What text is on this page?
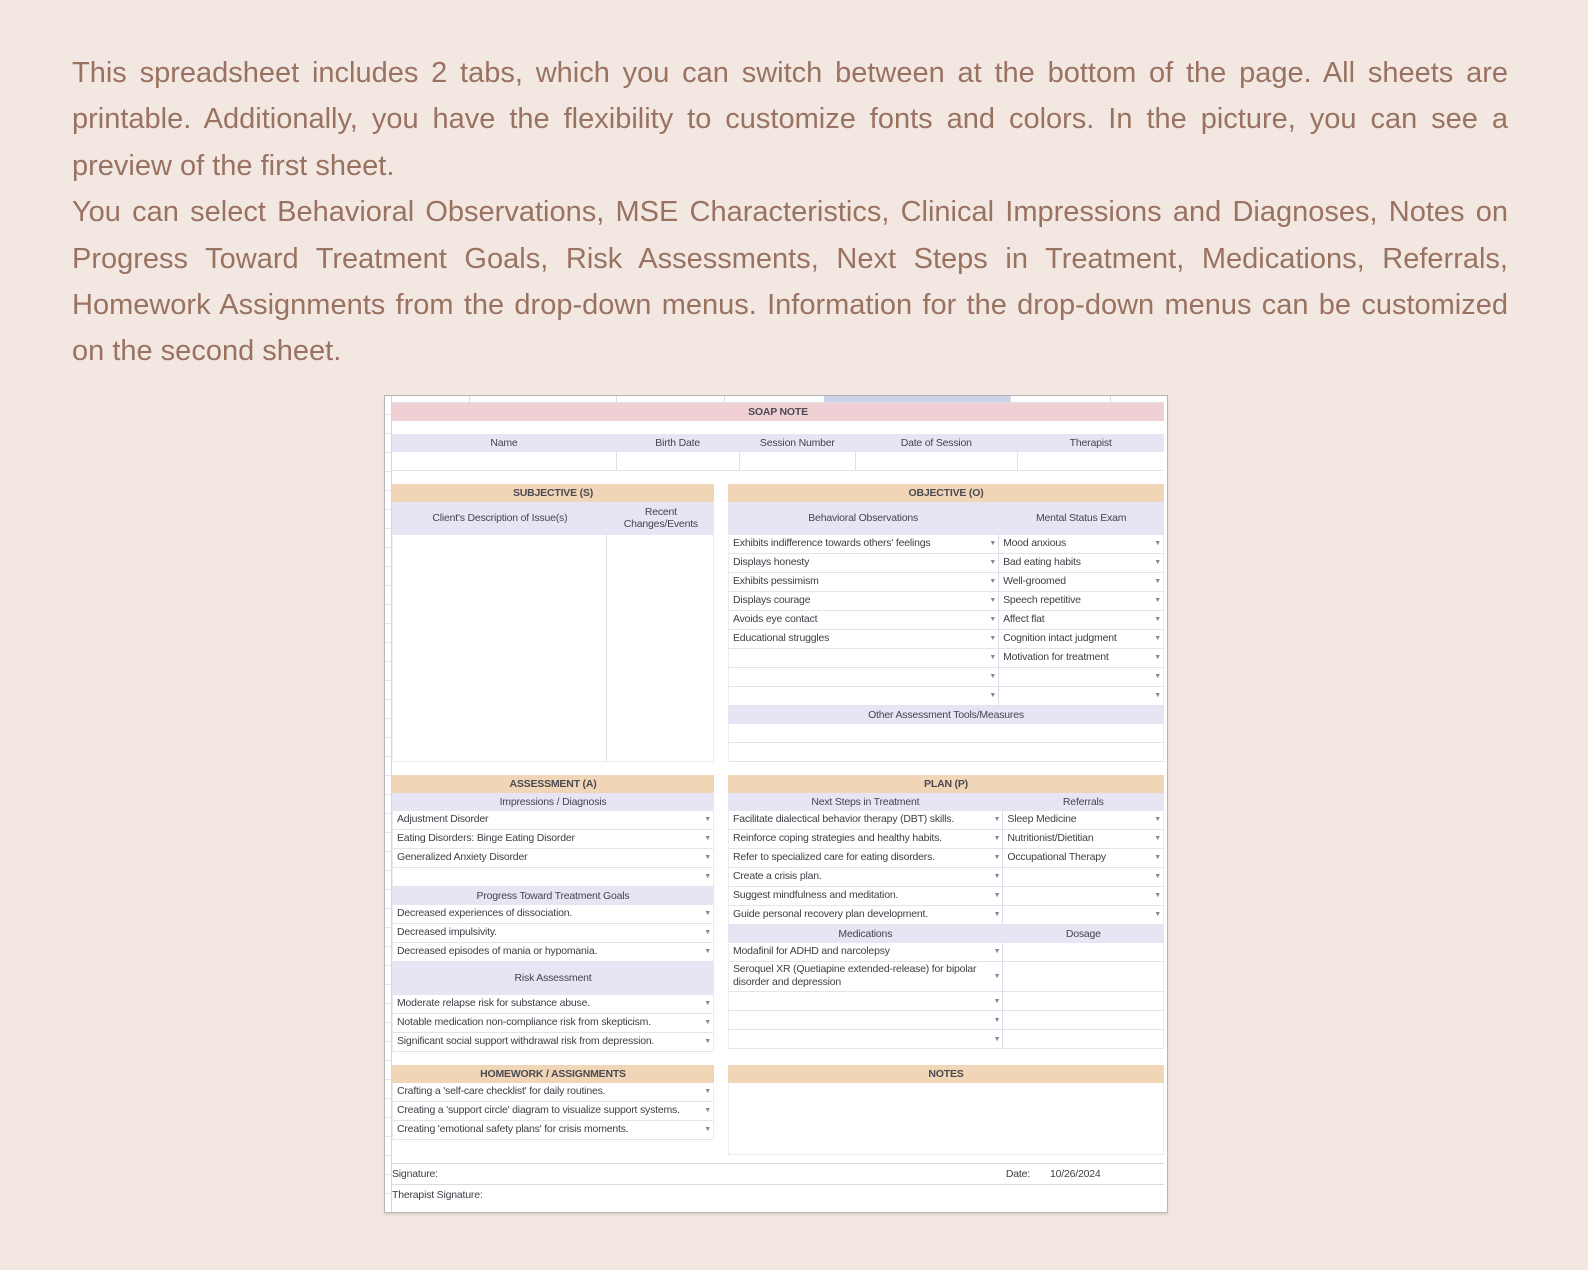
This spreadsheet includes 2 tabs, which you can switch between at the bottom of the page. All sheets are printable. Additionally, you have the flexibility to customize fonts and colors. In the picture, you can see a preview of the first sheet.

You can select Behavioral Observations, MSE Characteristics, Clinical Impressions and Diagnoses, Notes on Progress Toward Treatment Goals, Risk Assessments, Next Steps in Treatment, Medications, Referrals, Homework Assignments from the drop-down menus. Information for the drop-down menus can be customized on the second sheet.

SOAP NOTE
Name	Birth Date	Session Number	Date of Session	Therapist
SUBJECTIVE (S)
Client's Description of Issue(s)	Recent Changes/Events
OBJECTIVE (O)
Behavioral Observations	Mental Status Exam
Exhibits indifference towards others' feelings	▼ Mood anxious	▼
Displays honesty	▼ Bad eating habits	▼
Exhibits pessimism	▼ Well-groomed	▼
Displays courage	▼ Speech repetitive	▼
Avoids eye contact	▼ Affect flat	▼
Educational struggles	▼ Cognition intact judgment	▼
▼ Motivation for treatment	▼
▼	▼
▼	▼
Other Assessment Tools/Measures
ASSESSMENT (A)
Impressions / Diagnosis
Adjustment Disorder	▼
Eating Disorders: Binge Eating Disorder	▼
Generalized Anxiety Disorder	▼
▼
Progress Toward Treatment Goals
Decreased experiences of dissociation.	▼
Decreased impulsivity.	▼
Decreased episodes of mania or hypomania.	▼
Risk Assessment
Moderate relapse risk for substance abuse.	▼
Notable medication non-compliance risk from skepticism.	▼
Significant social support withdrawal risk from depression.	▼
PLAN (P)
Next Steps in Treatment	Referrals
Facilitate dialectical behavior therapy (DBT) skills.	▼ Sleep Medicine	▼
Reinforce coping strategies and healthy habits.	▼ Nutritionist/Dietitian	▼
Refer to specialized care for eating disorders.	▼ Occupational Therapy	▼
Create a crisis plan.	▼	▼
Suggest mindfulness and meditation.	▼	▼
Guide personal recovery plan development.	▼	▼
Medications	Dosage
Modafinil for ADHD and narcolepsy	▼
Seroquel XR (Quetiapine extended-release) for bipolar disorder and depression	▼
▼
▼
▼
HOMEWORK / ASSIGNMENTS
Crafting a 'self-care checklist' for daily routines.	▼
Creating a 'support circle' diagram to visualize support systems.	▼
Creating 'emotional safety plans' for crisis moments.	▼
NOTES
Signature:	Date: 10/26/2024
Therapist Signature:
